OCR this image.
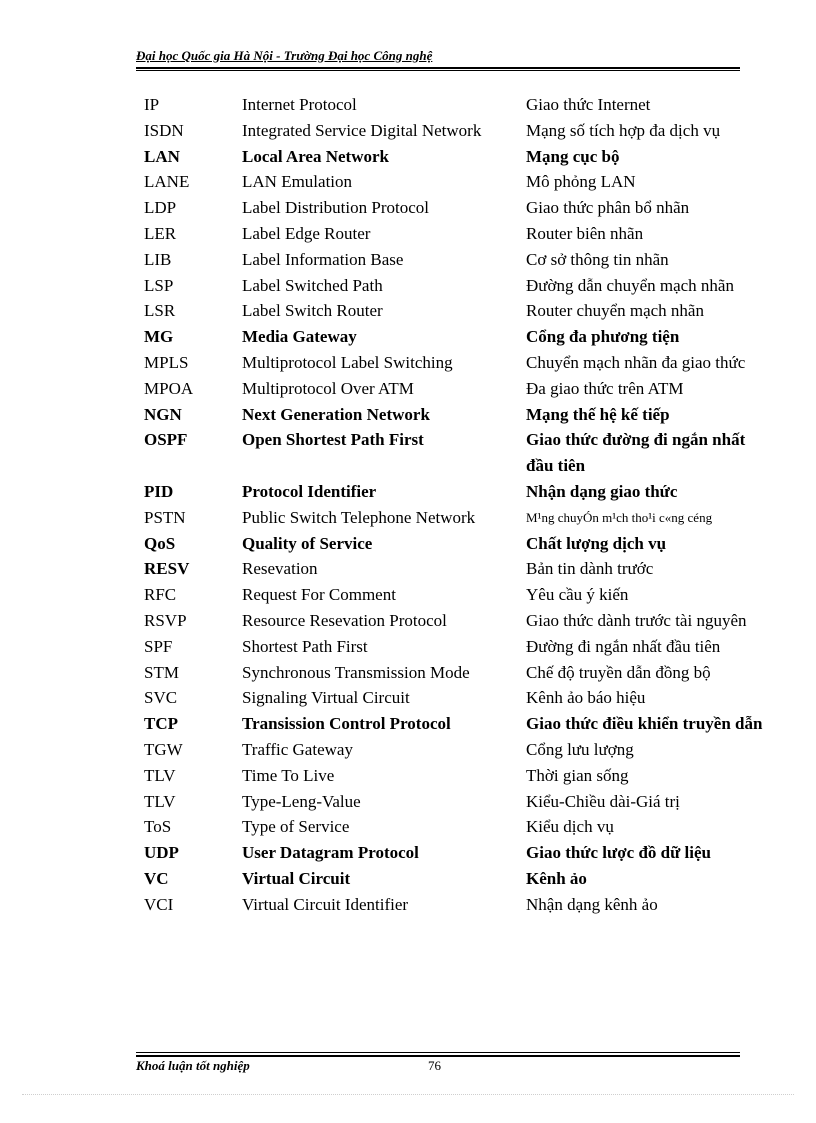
Đại học Quốc gia Hà Nội - Trường Đại học Công nghệ
IP	Internet Protocol	Giao thức Internet
ISDN	Integrated Service Digital Network	Mạng số tích hợp đa dịch vụ
LAN	Local Area Network	Mạng cục bộ
LANE	LAN Emulation	Mô phỏng LAN
LDP	Label Distribution Protocol	Giao thức phân bổ nhãn
LER	Label Edge Router	Router biên nhãn
LIB	Label Information Base	Cơ sở thông tin nhãn
LSP	Label Switched Path	Đường dẫn chuyển mạch nhãn
LSR	Label Switch Router	Router chuyển mạch nhãn
MG	Media Gateway	Cổng đa phương tiện
MPLS	Multiprotocol Label Switching	Chuyển mạch nhãn đa giao thức
MPOA	Multiprotocol Over ATM	Đa giao thức trên ATM
NGN	Next Generation Network	Mạng thế hệ kế tiếp
OSPF	Open Shortest Path First	Giao thức đường đi ngắn nhất đầu tiên
PID	Protocol Identifier	Nhận dạng giao thức
PSTN	Public Switch Telephone Network	M¹ng chuyÓn m¹ch tho¹i c«ng céng
QoS	Quality of Service	Chất lượng dịch vụ
RESV	Resevation	Bản tin dành trước
RFC	Request For Comment	Yêu cầu ý kiến
RSVP	Resource Resevation Protocol	Giao thức dành trước tài nguyên
SPF	Shortest Path First	Đường đi ngắn nhất đầu tiên
STM	Synchronous Transmission Mode	Chế độ truyền dẫn đồng bộ
SVC	Signaling Virtual Circuit	Kênh ảo báo hiệu
TCP	Transission Control Protocol	Giao thức điều khiển truyền dẫn
TGW	Traffic Gateway	Cổng lưu lượng
TLV	Time To Live	Thời gian sống
TLV	Type-Leng-Value	Kiểu-Chiều dài-Giá trị
ToS	Type of Service	Kiểu dịch vụ
UDP	User Datagram Protocol	Giao thức lược đồ dữ liệu
VC	Virtual Circuit	Kênh ảo
VCI	Virtual Circuit Identifier	Nhận dạng kênh ảo
Khoá luận tốt nghiệp	76
